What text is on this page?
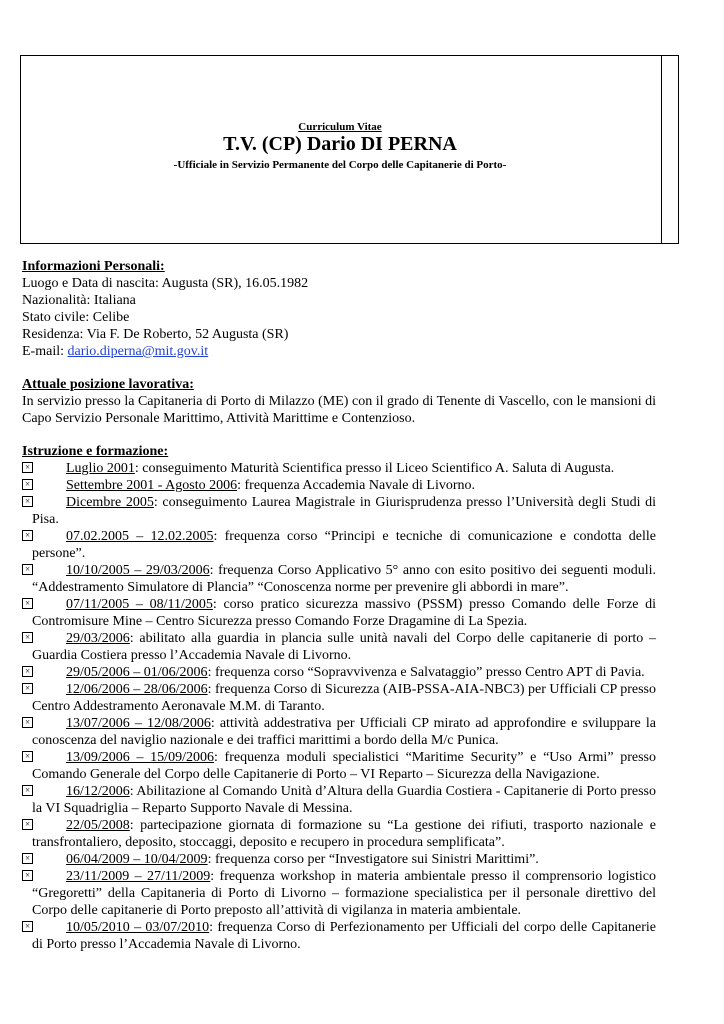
Curriculum Vitae
T.V. (CP) Dario DI PERNA
-Ufficiale in Servizio Permanente del Corpo delle Capitanerie di Porto-
Informazioni Personali:
Luogo e Data di nascita: Augusta (SR), 16.05.1982
Nazionalità: Italiana
Stato civile: Celibe
Residenza: Via F. De Roberto, 52 Augusta (SR)
E-mail: dario.diperna@mit.gov.it
Attuale posizione lavorativa:
In servizio presso la Capitaneria di Porto di Milazzo (ME) con il grado di Tenente di Vascello, con le mansioni di Capo Servizio Personale Marittimo, Attività Marittime e Contenzioso.
Istruzione e formazione:

×	Luglio 2001: conseguimento Maturità Scientifica presso il Liceo Scientifico A. Saluta di Augusta.

×	Settembre 2001 - Agosto 2006: frequenza Accademia Navale di Livorno.

×	Dicembre 2005: conseguimento Laurea Magistrale in Giurisprudenza presso l’Università degli Studi di Pisa.

×	07.02.2005 – 12.02.2005: frequenza corso “Principi e tecniche di comunicazione e condotta delle persone”.

×	10/10/2005 – 29/03/2006: frequenza Corso Applicativo 5° anno con esito positivo dei seguenti moduli. “Addestramento Simulatore di Plancia” “Conoscenza norme per prevenire gli abbordi in mare”.

×	07/11/2005 – 08/11/2005: corso pratico sicurezza massivo (PSSM) presso Comando delle Forze di Contromisure Mine – Centro Sicurezza presso Comando Forze Dragamine di La Spezia.

×	29/03/2006: abilitato alla guardia in plancia sulle unità navali del Corpo delle capitanerie di porto – Guardia Costiera presso l’Accademia Navale di Livorno.

×	29/05/2006 – 01/06/2006: frequenza corso “Sopravvivenza e Salvataggio” presso Centro APT di Pavia.

×	12/06/2006 – 28/06/2006: frequenza Corso di Sicurezza (AIB-PSSA-AIA-NBC3) per Ufficiali CP presso Centro Addestramento Aeronavale M.M. di Taranto.

×	13/07/2006 – 12/08/2006: attività addestrativa per Ufficiali CP mirato ad approfondire e sviluppare la conoscenza del naviglio nazionale e dei traffici marittimi a bordo della M/c Punica.

×	13/09/2006 – 15/09/2006: frequenza moduli specialistici “Maritime Security” e “Uso Armi” presso Comando Generale del Corpo delle Capitanerie di Porto – VI Reparto – Sicurezza della Navigazione.

×	16/12/2006: Abilitazione al Comando Unità d’Altura della Guardia Costiera - Capitanerie di Porto presso la VI Squadriglia – Reparto Supporto Navale di Messina.

×	22/05/2008: partecipazione giornata di formazione su “La gestione dei rifiuti, trasporto nazionale e transfrontaliero, deposito, stoccaggi, deposito e recupero in procedura semplificata”.

×	06/04/2009 – 10/04/2009: frequenza corso per “Investigatore sui Sinistri Marittimi”.

×	23/11/2009 – 27/11/2009: frequenza workshop in materia ambientale presso il comprensorio logistico “Gregoretti” della Capitaneria di Porto di Livorno – formazione specialistica per il personale direttivo del Corpo delle capitanerie di Porto preposto all’attività di vigilanza in materia ambientale.

×	10/05/2010 – 03/07/2010: frequenza Corso di Perfezionamento per Ufficiali del corpo delle Capitanerie di Porto presso l’Accademia Navale di Livorno.
